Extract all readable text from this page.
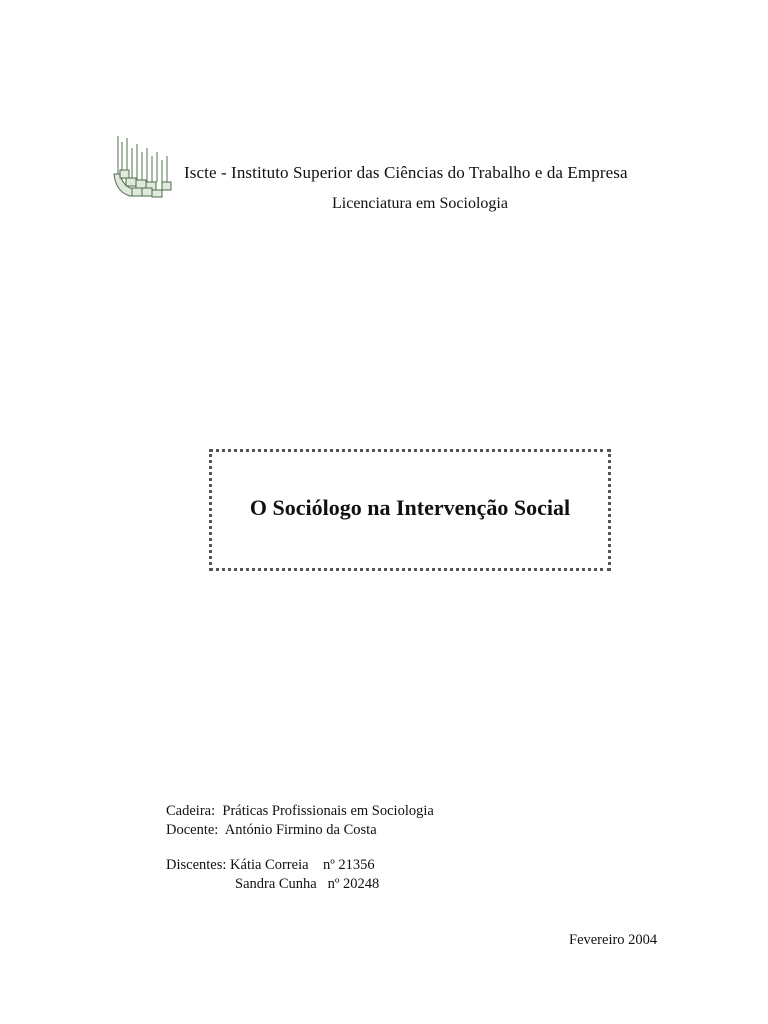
Iscte - Instituto Superior das Ciências do Trabalho e da Empresa
Licenciatura em Sociologia
O Sociólogo na Intervenção Social
Cadeira: Práticas Profissionais em Sociologia
Docente: António Firmino da Costa
Discentes: Kátia Correia nº 21356
Sandra Cunha nº 20248
Fevereiro 2004
